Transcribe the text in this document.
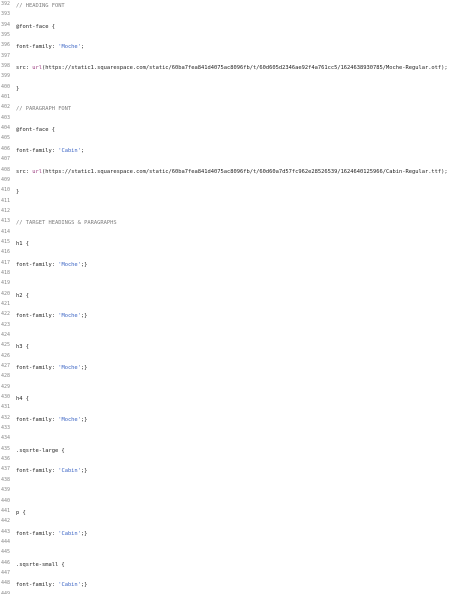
392	// HEADING FONT
393
394	@font-face {
395
396	font-family: 'Moche';
397
398	src: url(https://static1.squarespace.com/static/60ba7fea841d4075ac8096fb/t/60d605d2346ae92f4a761cc5/1624638930785/Moche-Regular.otf);
399
400	}
401
402	// PARAGRAPH FONT
403
404	@font-face {
405
406	font-family: 'Cabin';
407
408	src: url(https://static1.squarespace.com/static/60ba7fea841d4075ac8096fb/t/60d60a7d57fc962e28526539/1624640125966/Cabin-Regular.ttf);
409
410	}
411
412
413	// TARGET HEADINGS & PARAGRAPHS
414
415	h1 {
416
417	font-family: 'Moche';}
418
419
420	h2 {
421
422	font-family: 'Moche';}
423
424
425	h3 {
426
427	font-family: 'Moche';}
428
429
430	h4 {
431
432	font-family: 'Moche';}
433
434
435	.sqsrte-large {
436
437	font-family: 'Cabin';}
438
439
440
441	p {
442
443	font-family: 'Cabin';}
444
445
446	.sqsrte-small {
447
448	font-family: 'Cabin';}
449
